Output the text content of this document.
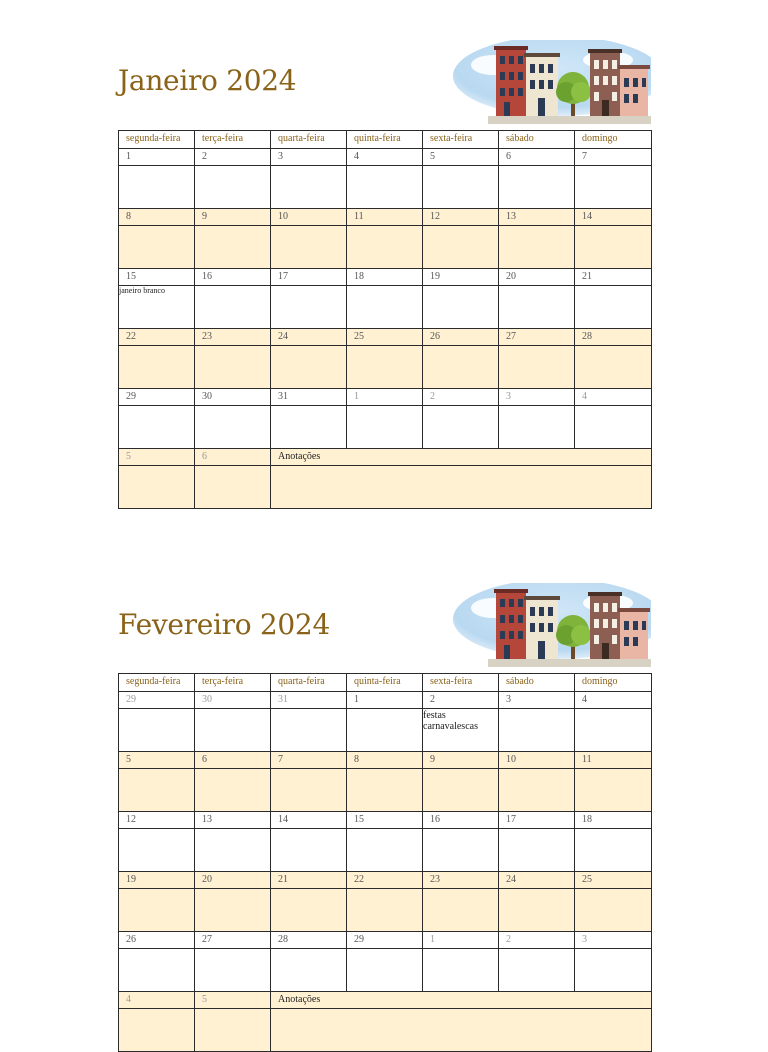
Janeiro 2024
segunda-feira	terça-feira	quarta-feira	quinta-feira	sexta-feira	sábado	domingo
1	2	3	4	5	6	7

8	9	10	11	12	13	14

15	16	17	18	19	20	21

janeiro branco						

22	23	24	25	26	27	28

29	30	31	1	2	3	4

5	6	Anotações				

Fevereiro 2024
segunda-feira	terça-feira	quarta-feira	quinta-feira	sexta-feira	sábado	domingo
29	30	31	1	2	3	4

				festas carnavalescas		

5	6	7	8	9	10	11

12	13	14	15	16	17	18

19	20	21	22	23	24	25

26	27	28	29	1	2	3

4	5	Anotações				
